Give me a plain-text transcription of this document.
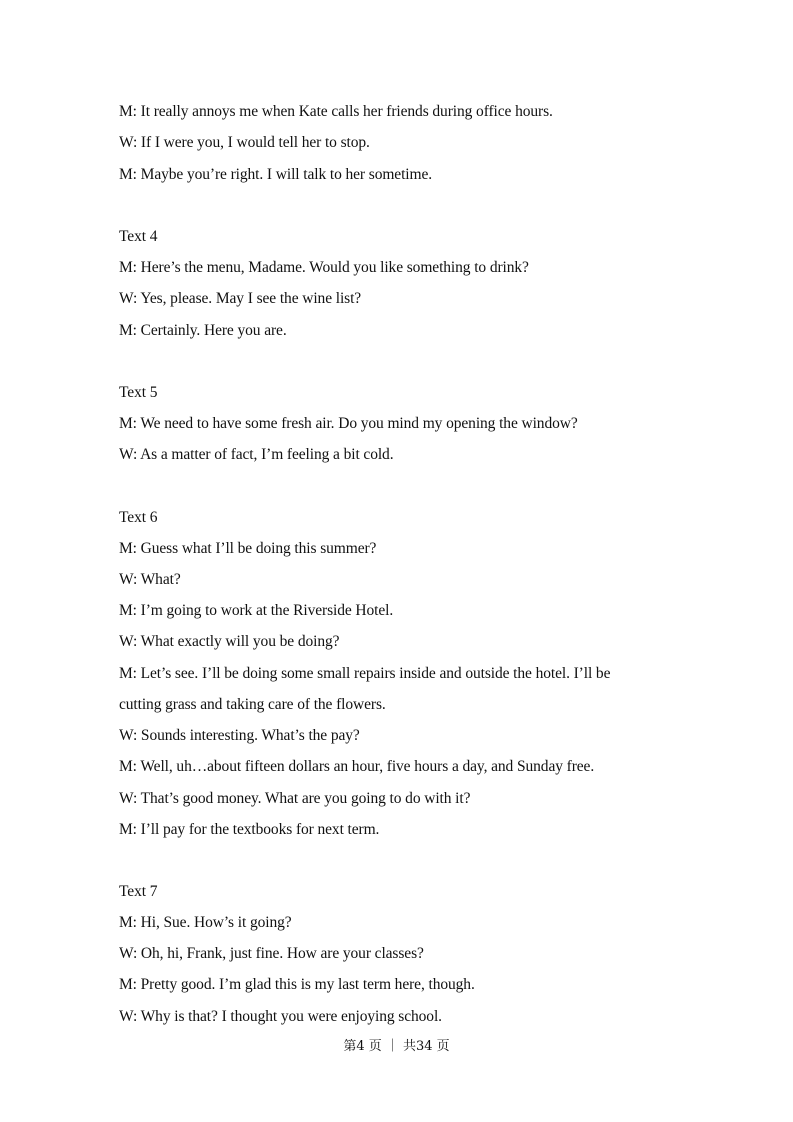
M: It really annoys me when Kate calls her friends during office hours.
W: If I were you, I would tell her to stop.
M: Maybe you’re right. I will talk to her sometime.
Text 4
M: Here’s the menu, Madame. Would you like something to drink?
W: Yes, please. May I see the wine list?
M: Certainly. Here you are.
Text 5
M: We need to have some fresh air. Do you mind my opening the window?
W: As a matter of fact, I’m feeling a bit cold.
Text 6
M: Guess what I’ll be doing this summer?
W: What?
M: I’m going to work at the Riverside Hotel.
W: What exactly will you be doing?
M: Let’s see. I’ll be doing some small repairs inside and outside the hotel. I’ll be
cutting grass and taking care of the flowers.
W: Sounds interesting. What’s the pay?
M: Well, uh…about fifteen dollars an hour, five hours a day, and Sunday free.
W: That’s good money. What are you going to do with it?
M: I’ll pay for the textbooks for next term.
Text 7
M: Hi, Sue. How’s it going?
W: Oh, hi, Frank, just fine. How are your classes?
M: Pretty good. I’m glad this is my last term here, though.
W: Why is that? I thought you were enjoying school.
第4 页 ｜ 共34 页
